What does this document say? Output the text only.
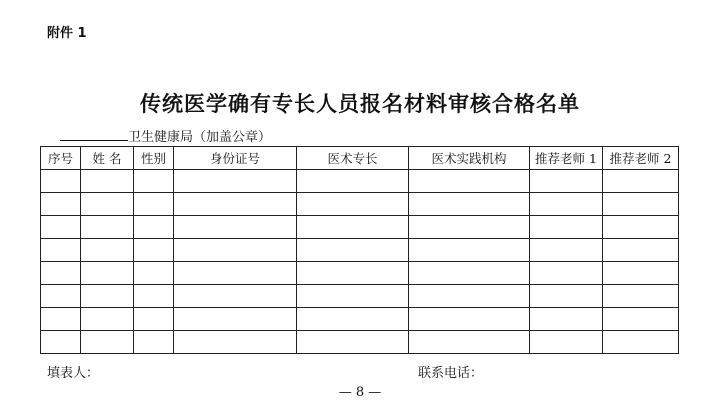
附件 1
传统医学确有专长人员报名材料审核合格名单
卫生健康局（加盖公章）
序号	姓 名	性别	身份证号	医术专长	医术实践机构	推荐老师 1	推荐老师 2

填表人：	联系电话：
— 8 —
